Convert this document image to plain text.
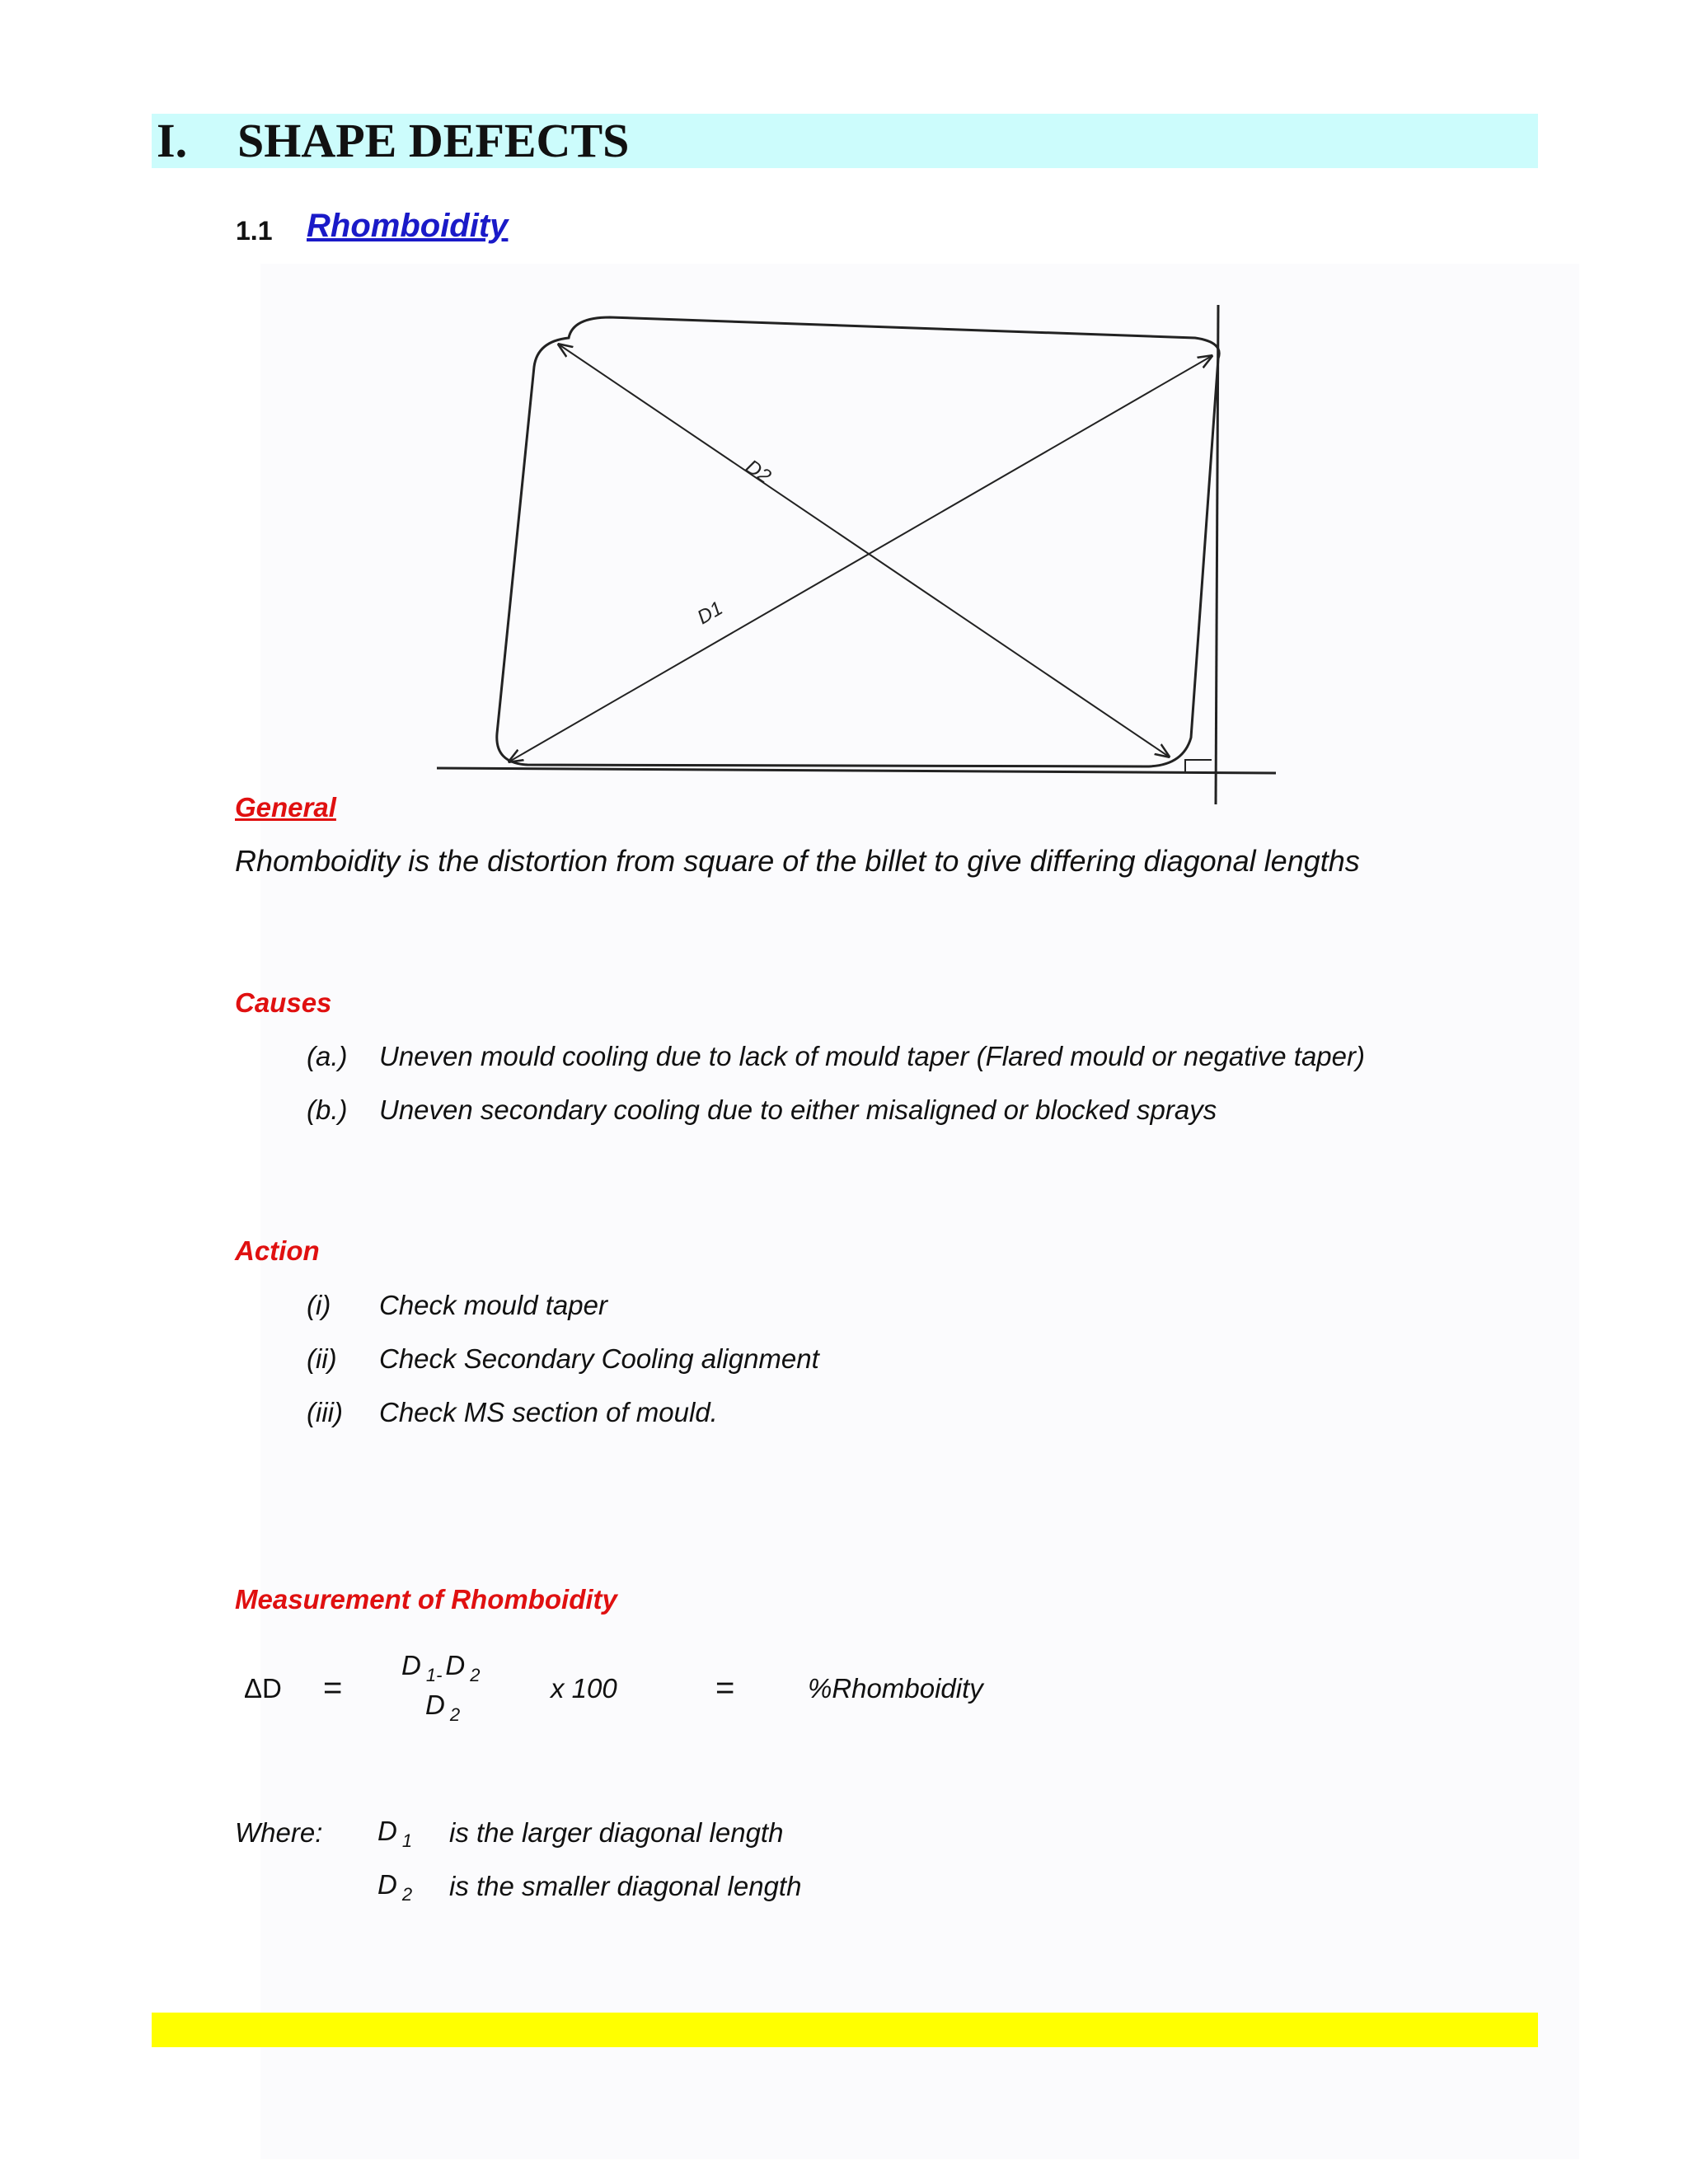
I. SHAPE DEFECTS
1.1 Rhomboidity
D2
D1
General
Rhomboidity is the distortion from square of the billet to give differing diagonal lengths
Causes
(a.) Uneven mould cooling due to lack of mould taper (Flared mould or negative taper)
(b.) Uneven secondary cooling due to either misaligned or blocked sprays
Action
(i) Check mould taper
(ii) Check Secondary Cooling alignment
(iii) Check MS section of mould.
Measurement of Rhomboidity
ΔD =
D $_{1-}$ D $_2$
D $_2$
x 100	=	%Rhomboidity
Where: D $_1$ is the larger diagonal length
D $_2$ is the smaller diagonal length
